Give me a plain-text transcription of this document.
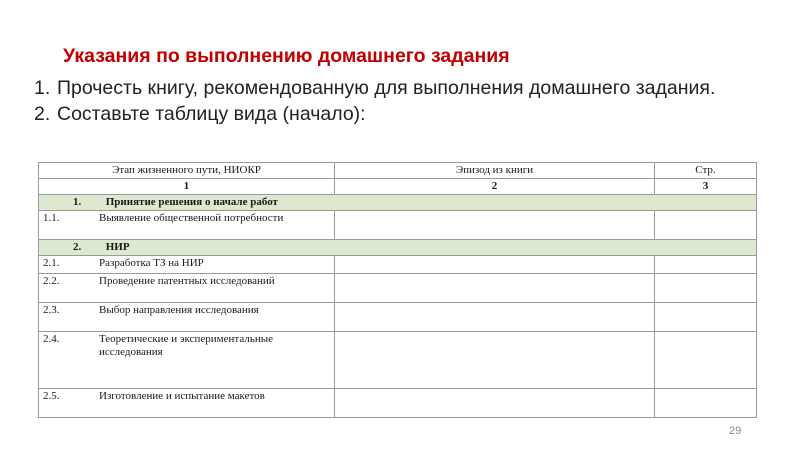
Указания по выполнению домашнего задания
1. Прочесть книгу, рекомендованную для выполнения домашнего задания.
2. Составьте таблицу вида (начало):
Этап жизненного пути, НИОКР	Эпизод из книги	Стр.
1	2	3
1. Принятие решения о начале работ		
1.1. Выявление общественной потребности		
2. НИР		
2.1. Разработка ТЗ на НИР		
2.2. Проведение патентных исследований		
2.3. Выбор направления исследования		
2.4. Теоретические и экспериментальные исследования		
2.5. Изготовление и испытание макетов		
29
